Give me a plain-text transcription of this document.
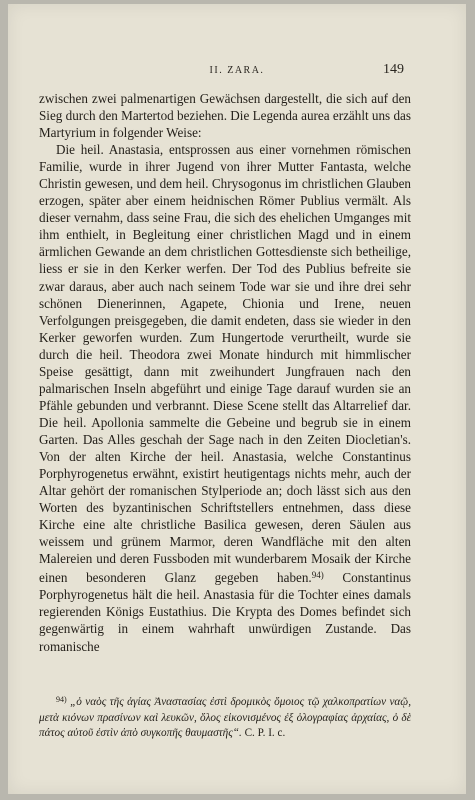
II. ZARA.	149

zwischen zwei palmenartigen Gewächsen dargestellt, die sich auf den Sieg durch den Martertod beziehen. Die Legenda aurea erzählt uns das Martyrium in folgender Weise:

Die heil. Anastasia, entsprossen aus einer vornehmen römischen Familie, wurde in ihrer Jugend von ihrer Mutter Fantasta, welche Christin gewesen, und dem heil. Chrysogonus im christlichen Glauben erzogen, später aber einem heidnischen Römer Publius vermält. Als dieser vernahm, dass seine Frau, die sich des ehelichen Umganges mit ihm enthielt, in Begleitung einer christlichen Magd und in einem ärmlichen Gewande an dem christlichen Gottesdienste sich betheilige, liess er sie in den Kerker werfen. Der Tod des Publius befreite sie zwar daraus, aber auch nach seinem Tode war sie und ihre drei sehr schönen Dienerinnen, Agapete, Chionia und Irene, neuen Verfolgungen preisgegeben, die damit endeten, dass sie wieder in den Kerker geworfen wurden. Zum Hungertode verurtheilt, wurde sie durch die heil. Theodora zwei Monate hindurch mit himmlischer Speise gesättigt, dann mit zweihundert Jungfrauen nach den palmarischen Inseln abgeführt und einige Tage darauf wurden sie an Pfähle gebunden und verbrannt. Diese Scene stellt das Altarrelief dar. Die heil. Apollonia sammelte die Gebeine und begrub sie in einem Garten. Das Alles geschah der Sage nach in den Zeiten Diocletian's. Von der alten Kirche der heil. Anastasia, welche Constantinus Porphyrogenetus erwähnt, existirt heutigentags nichts mehr, auch der Altar gehört der romanischen Stylperiode an; doch lässt sich aus den Worten des byzantinischen Schriftstellers entnehmen, dass diese Kirche eine alte christliche Basilica gewesen, deren Säulen aus weissem und grünem Marmor, deren Wandfläche mit den alten Malereien und deren Fussboden mit wunderbarem Mosaik der Kirche einen besonderen Glanz gegeben haben.$^{94)}$ Constantinus Porphyrogenetus hält die heil. Anastasia für die Tochter eines damals regierenden Königs Eustathius. Die Krypta des Domes befindet sich gegenwärtig in einem wahrhaft unwürdigen Zustande. Das romanische

$^{94)}$ „ὁ ναὸς τῆς ἁγίας Ἀναστασίας ἐστὶ δρομικὸς ὅμοιος τῷ χαλκοπρατίων ναῷ, μετὰ κιόνων πρασίνων καὶ λευκῶν, ὅλος εἰκονισμένος ἐξ ὁλογραφίας ἀρχαίας, ὁ δὲ πάτος αὐτοῦ ἐστὶν ἀπὸ συγκοπῆς θαυμαστῆς“. C. P. I. c.
